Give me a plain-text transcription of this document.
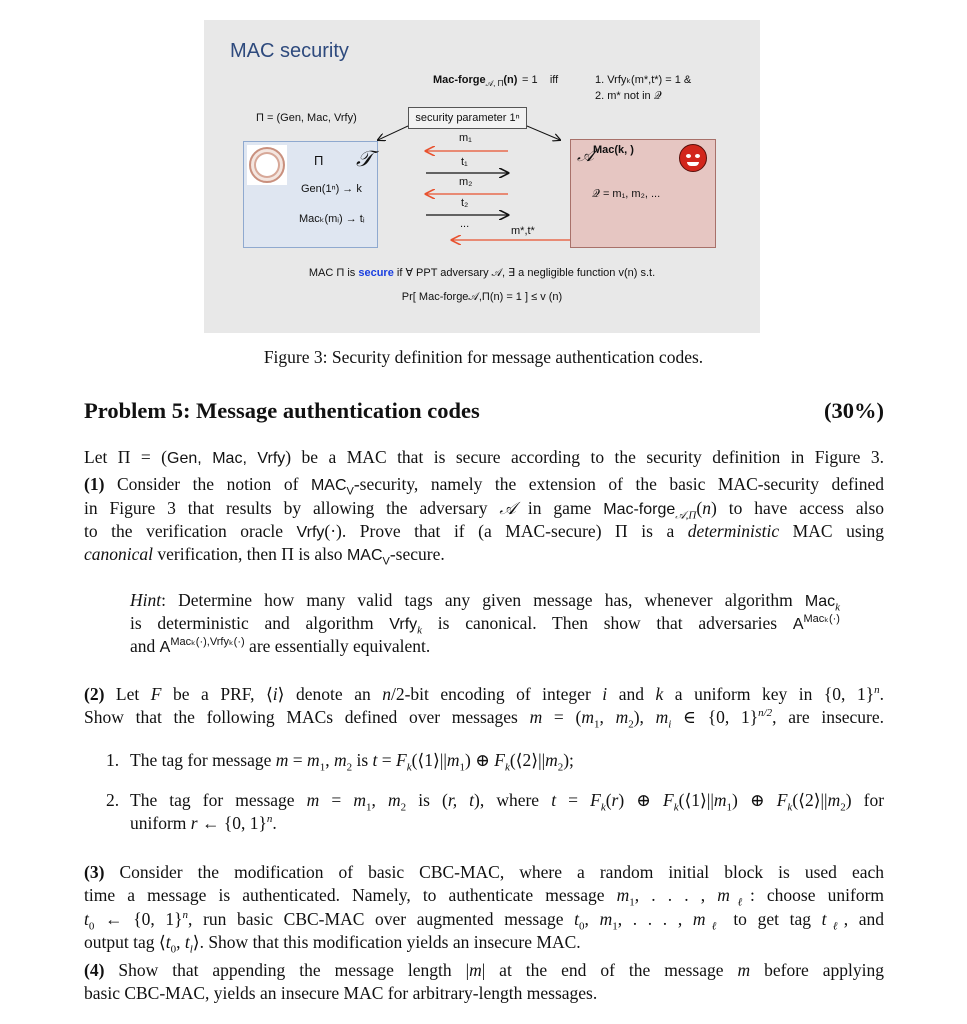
MAC security
Mac-forge$_{𝒜, \Pi}$(n) = 1    iff	1. Vrfyₖ(m*,t*) = 1 &
2. m* not in 𝒬
Π = (Gen, Mac, Vrfy)	security parameter 1ⁿ
Π 𝒯
Gen(1ⁿ) → k
Macₖ(mᵢ) → tᵢ
𝒜
Mac(k, )
𝒬 = m₁, m₂, ...
m₁
t₁
m₂
t₂
...
m*,t*
MAC Π is secure if ∀ PPT adversary 𝒜, ∃ a negligible function v(n) s.t.
Pr[ Mac-forge𝒜,Π(n) = 1 ] ≤ v (n)
Figure 3: Security definition for message authentication codes.
Problem 5: Message authentication codes	(30%)
Let Π = (Gen, Mac, Vrfy) be a MAC that is secure according to the security definition in Figure 3.
(1) Consider the notion of $MAC_V$-security, namely the extension of the basic MAC-security defined
in Figure 3 that results by allowing the adversary 𝒜 in game Mac-forge$_{𝒜,\Pi}$(n) to have access also
to the verification oracle Vrfy(·). Prove that if (a MAC-secure) Π is a deterministic MAC using
canonical verification, then Π is also $MAC_V$-secure.
Hint: Determine how many valid tags any given message has, whenever algorithm Mac$_k$
is deterministic and algorithm Vrfy$_k$ is canonical. Then show that adversaries $A^{Mac_k(\cdot)}$
and $A^{Mac_k(\cdot),Vrfy_k(\cdot)}$ are essentially equivalent.
(2) Let F be a PRF, ⟨i⟩ denote an n/2-bit encoding of integer i and k a uniform key in {0, 1}$^n$.
Show that the following MACs defined over messages $m = (m_1$, $m_2$), $m_i$ ∈ {0, 1}$^{n/2}$, are insecure.
1. The tag for message $m = m_1$, $m_2$ is $t = F_k(⟨1⟩||m_1)$ ⊕ $F_k(⟨2⟩||m_2)$;
2. The tag for message $m = m_1$, $m_2$ is (r, t), where $t = F_k(r)$ ⊕ $F_k(⟨1⟩||m_1)$ ⊕ $F_k(⟨2⟩||m_2)$ for
uniform r ← {0, 1}$^n$.
(3) Consider the modification of basic CBC-MAC, where a random initial block is used each
time a message is authenticated. Namely, to authenticate message $m_1$, . . . , $m_\ell$: choose uniform
$t_0$ ← {0, 1}$^n$, run basic CBC-MAC over augmented message $t_0$, $m_1$, . . . , $m_\ell$ to get tag $t_\ell$, and
output tag $⟨t_0$, $t_l⟩$. Show that this modification yields an insecure MAC.
(4) Show that appending the message length |m| at the end of the message m before applying
basic CBC-MAC, yields an insecure MAC for arbitrary-length messages.
